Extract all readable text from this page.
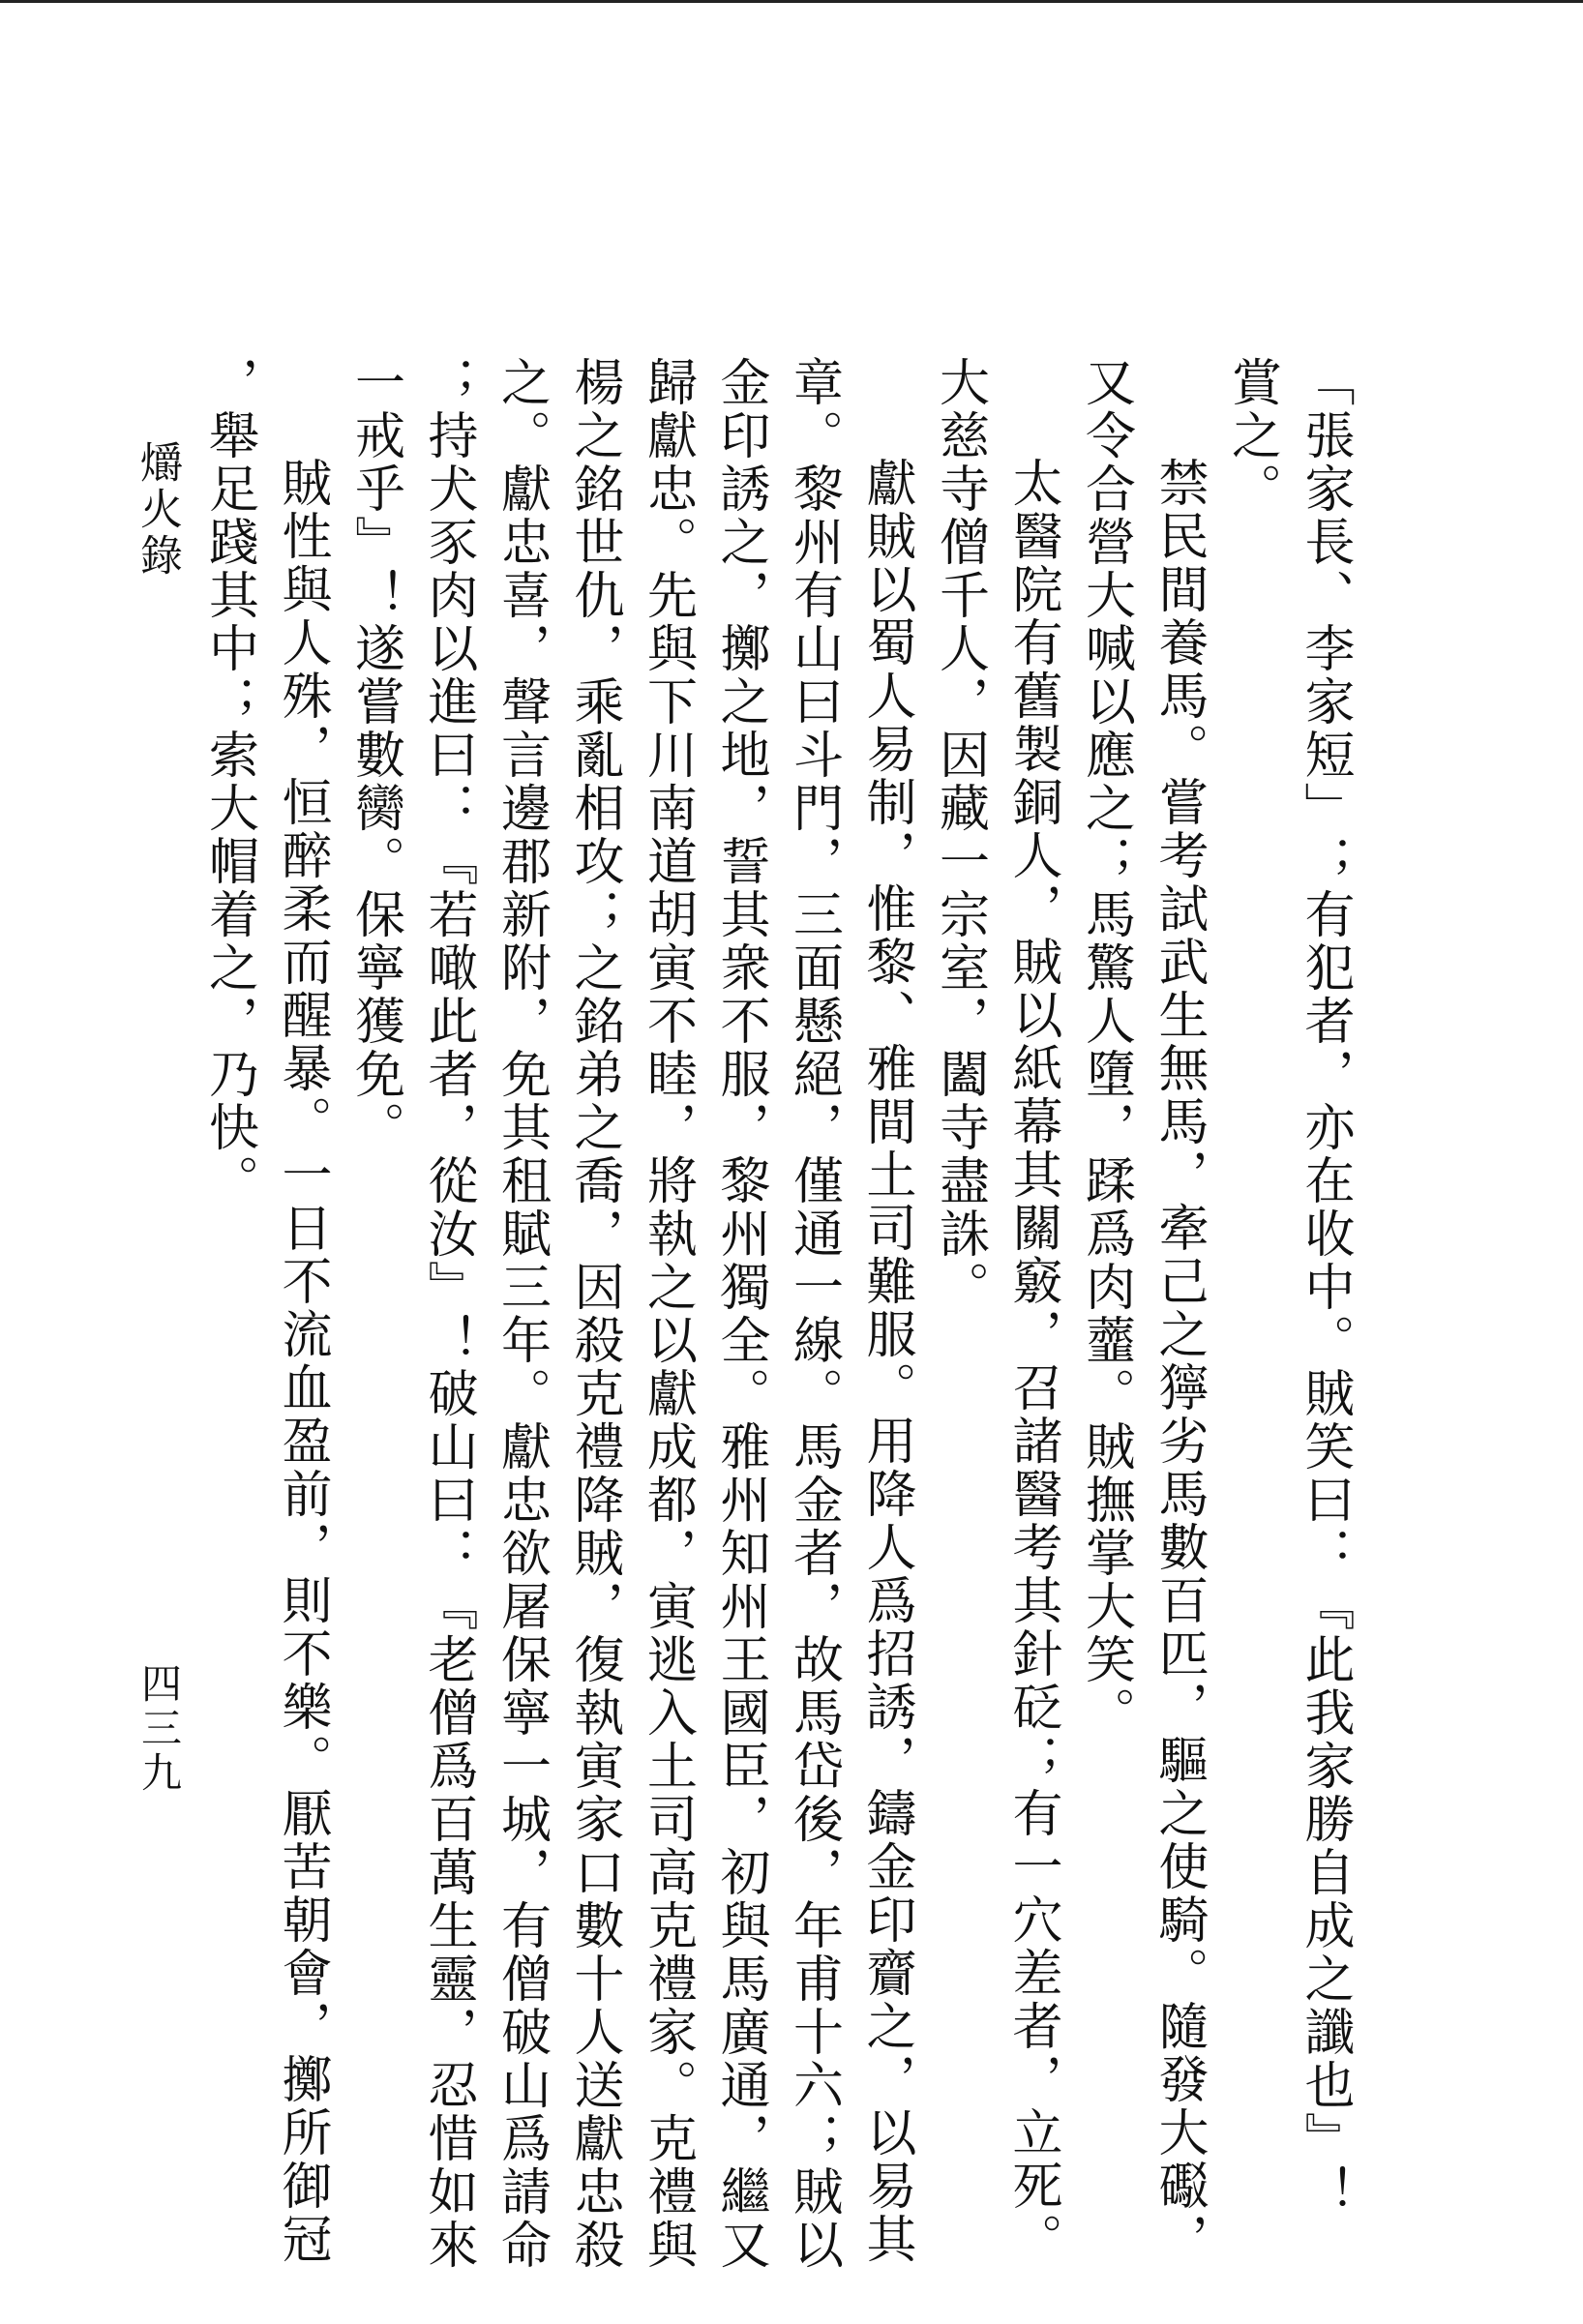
「張家長、李家短」；有犯者，亦在收中。賊笑曰：『此我家勝自成之讖也』！

賞之。

禁民間養馬。嘗考試武生無馬，牽己之獰劣馬數百匹，驅之使騎。隨發大礟，

又令合營大喊以應之；馬驚人墮，蹂爲肉虀。賊撫掌大笑。

太醫院有舊製銅人，賊以紙幕其關竅，召諸醫考其針砭；有一穴差者，立死。

大慈寺僧千人，因藏一宗室，闔寺盡誅。

獻賊以蜀人易制，惟黎、雅間土司難服。用降人爲招誘，鑄金印齎之，以易其

章。黎州有山曰斗門，三面懸絕，僅通一線。馬金者，故馬岱後，年甫十六；賊以

金印誘之，擲之地，誓其衆不服，黎州獨全。雅州知州王國臣，初與馬廣通，繼又

歸獻忠。先與下川南道胡寅不睦，將執之以獻成都，寅逃入土司高克禮家。克禮與

楊之銘世仇，乘亂相攻；之銘弟之喬，因殺克禮降賊，復執寅家口數十人送獻忠殺

之。獻忠喜，聲言邊郡新附，免其租賦三年。獻忠欲屠保寧一城，有僧破山爲請命

；持犬豕肉以進曰：『若噉此者，從汝』！破山曰：『老僧爲百萬生靈，忍惜如來

一戒乎』！遂嘗數臠。保寧獲免。

賊性與人殊，恒醉柔而醒暴。一日不流血盈前，則不樂。厭苦朝會，擲所御冠

，舉足踐其中；索大帽着之，乃快。

爝火錄
四三九
